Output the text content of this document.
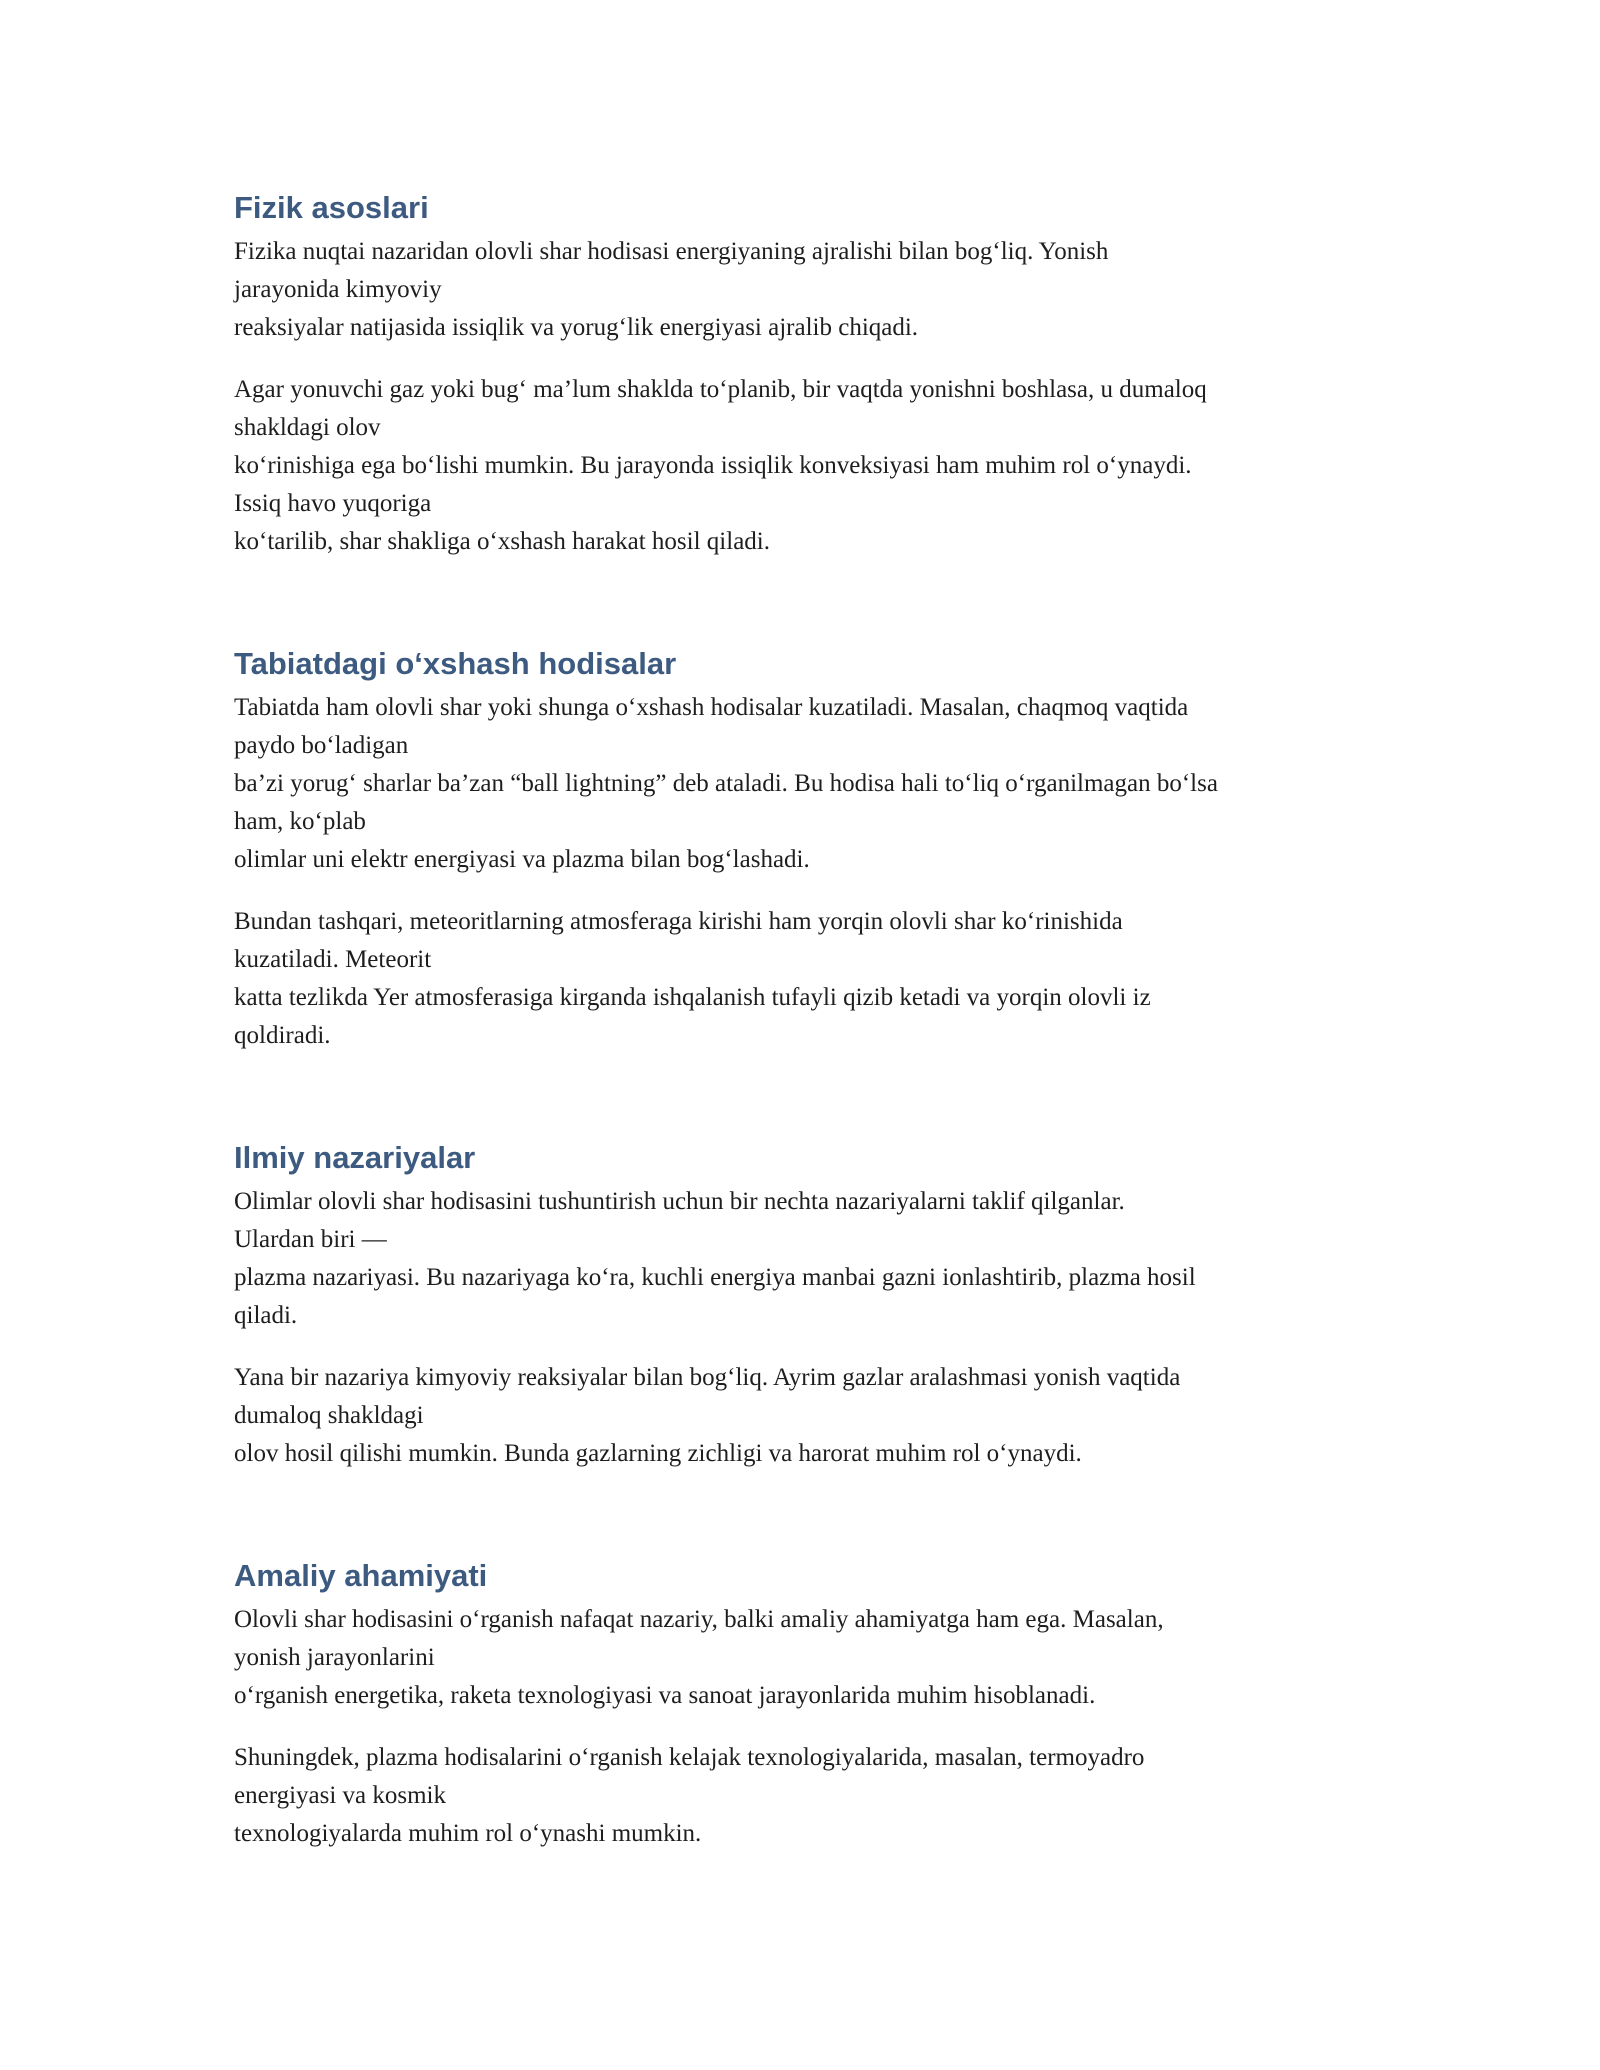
Fizik asoslari
Fizika nuqtai nazaridan olovli shar hodisasi energiyaning ajralishi bilan bog‘liq. Yonish
jarayonida kimyoviy
reaksiyalar natijasida issiqlik va yorug‘lik energiyasi ajralib chiqadi.
Agar yonuvchi gaz yoki bug‘ ma’lum shaklda to‘planib, bir vaqtda yonishni boshlasa, u dumaloq
shakldagi olov
ko‘rinishiga ega bo‘lishi mumkin. Bu jarayonda issiqlik konveksiyasi ham muhim rol o‘ynaydi.
Issiq havo yuqoriga
ko‘tarilib, shar shakliga o‘xshash harakat hosil qiladi.
Tabiatdagi o‘xshash hodisalar
Tabiatda ham olovli shar yoki shunga o‘xshash hodisalar kuzatiladi. Masalan, chaqmoq vaqtida
paydo bo‘ladigan
ba’zi yorug‘ sharlar ba’zan “ball lightning” deb ataladi. Bu hodisa hali to‘liq o‘rganilmagan bo‘lsa
ham, ko‘plab
olimlar uni elektr energiyasi va plazma bilan bog‘lashadi.
Bundan tashqari, meteoritlarning atmosferaga kirishi ham yorqin olovli shar ko‘rinishida
kuzatiladi. Meteorit
katta tezlikda Yer atmosferasiga kirganda ishqalanish tufayli qizib ketadi va yorqin olovli iz
qoldiradi.
Ilmiy nazariyalar
Olimlar olovli shar hodisasini tushuntirish uchun bir nechta nazariyalarni taklif qilganlar.
Ulardan biri —
plazma nazariyasi. Bu nazariyaga ko‘ra, kuchli energiya manbai gazni ionlashtirib, plazma hosil
qiladi.
Yana bir nazariya kimyoviy reaksiyalar bilan bog‘liq. Ayrim gazlar aralashmasi yonish vaqtida
dumaloq shakldagi
olov hosil qilishi mumkin. Bunda gazlarning zichligi va harorat muhim rol o‘ynaydi.
Amaliy ahamiyati
Olovli shar hodisasini o‘rganish nafaqat nazariy, balki amaliy ahamiyatga ham ega. Masalan,
yonish jarayonlarini
o‘rganish energetika, raketa texnologiyasi va sanoat jarayonlarida muhim hisoblanadi.
Shuningdek, plazma hodisalarini o‘rganish kelajak texnologiyalarida, masalan, termoyadro
energiyasi va kosmik
texnologiyalarda muhim rol o‘ynashi mumkin.
